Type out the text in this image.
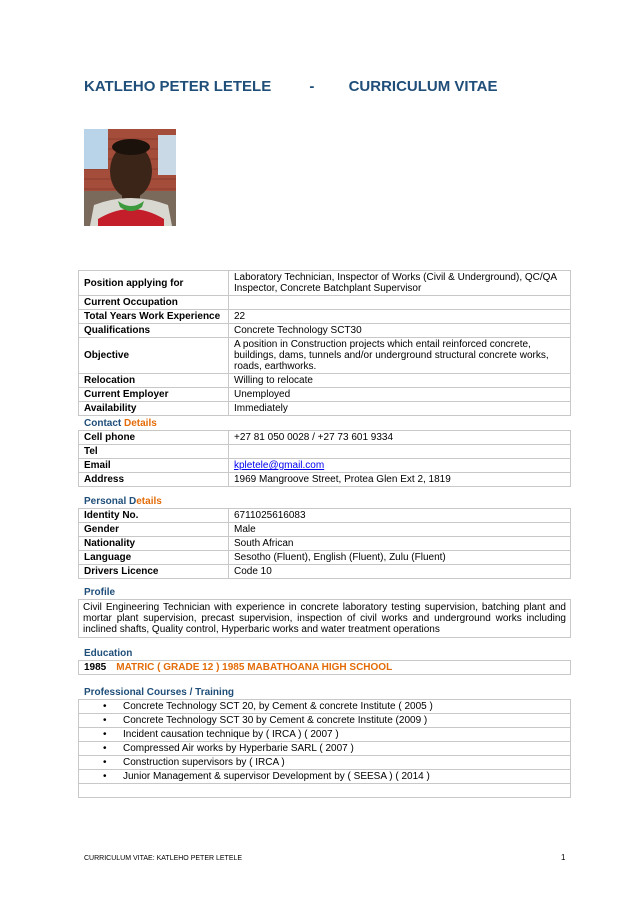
KATLEHO PETER LETELE	- CURRICULUM VITAE
Position applying for	Laboratory Technician, Inspector of Works (Civil & Underground), QC/QA Inspector, Concrete Batchplant Supervisor
Current Occupation	
Total Years Work Experience	22
Qualifications	Concrete Technology SCT30
Objective	A position in Construction projects which entail reinforced concrete, buildings, dams, tunnels and/or underground structural concrete works, roads, earthworks.
Relocation	Willing to relocate
Current Employer	Unemployed
Availability	Immediately
Contact Details
Cell phone	+27 81 050 0028 / +27 73 601 9334
Tel	
Email	kpletele@gmail.com
Address	1969 Mangroove Street, Protea Glen Ext 2, 1819
Personal Details
Identity No.	6711025616083
Gender	Male
Nationality	South African
Language	Sesotho (Fluent), English (Fluent), Zulu (Fluent)
Drivers Licence	Code 10
Profile
Civil Engineering Technician with experience in concrete laboratory testing supervision, batching plant and mortar plant supervision, precast supervision, inspection of civil works and underground works including inclined shafts, Quality control, Hyperbaric works and water treatment operations
Education
1985 MATRIC ( GRADE 12 ) 1985 MABATHOANA HIGH SCHOOL
Professional Courses / Training
• Concrete Technology SCT 20, by Cement & concrete Institute ( 2005 )
• Concrete Technology SCT 30 by Cement & concrete Institute (2009 )
• Incident causation technique by ( IRCA ) ( 2007 )
• Compressed Air works by Hyperbarie SARL ( 2007 )
• Construction supervisors by ( IRCA )
• Junior Management & supervisor Development by ( SEESA ) ( 2014 )

CURRICULUM VITAE: KATLEHO PETER LETELE	1
